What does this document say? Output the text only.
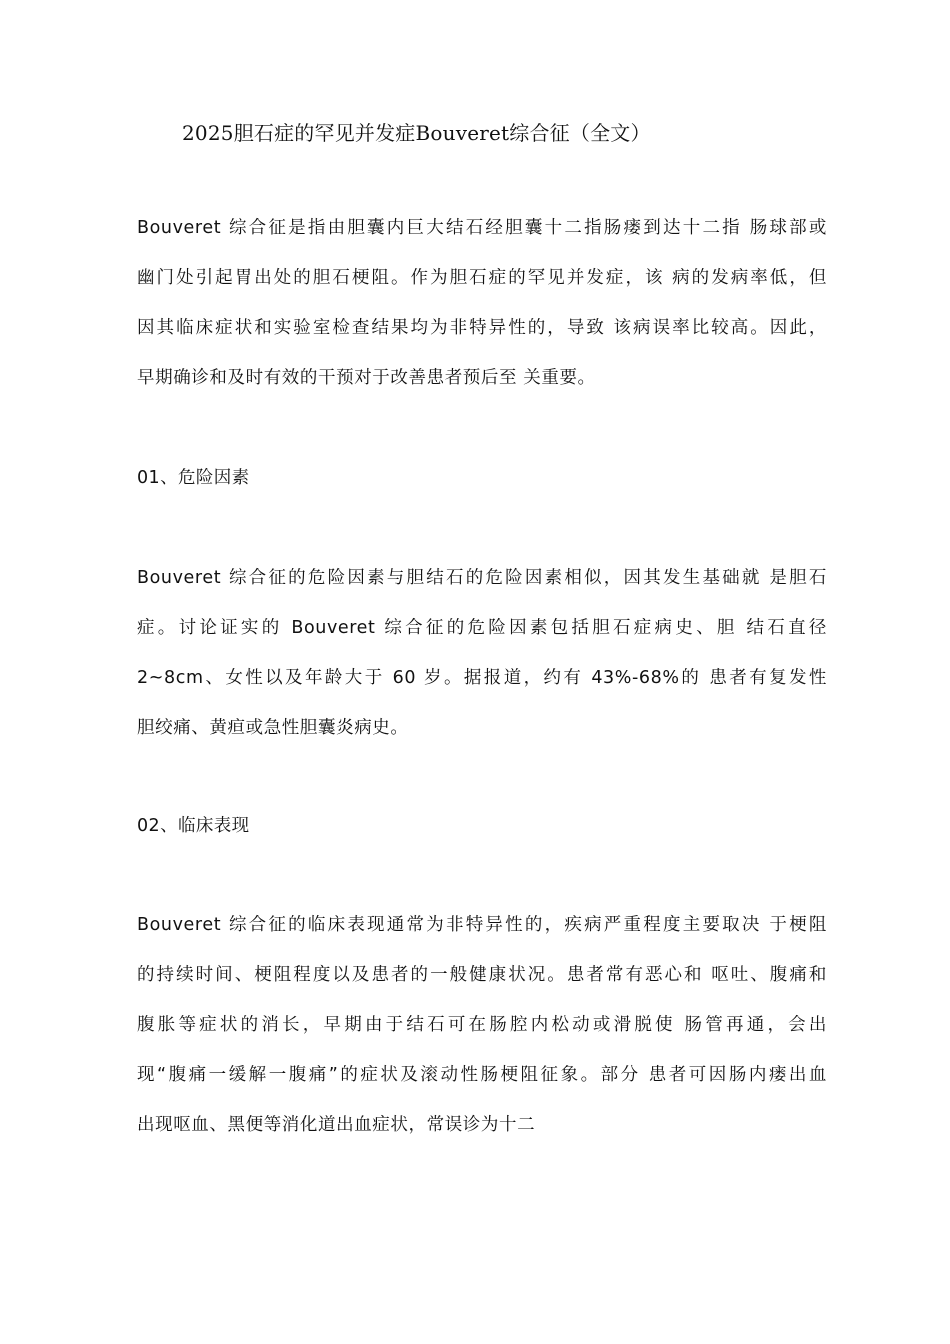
2025胆石症的罕见并发症Bouveret综合征（全文）
Bouveret 综合征是指由胆囊内巨大结石经胆囊十二指肠瘘到达十二指 肠球部或
幽门处引起胃出处的胆石梗阻。作为胆石症的罕见并发症，该 病的发病率低，但
因其临床症状和实验室检查结果均为非特异性的，导致 该病误率比较高。因此，
早期确诊和及时有效的干预对于改善患者预后至 关重要。
01、危险因素
Bouveret 综合征的危险因素与胆结石的危险因素相似，因其发生基础就 是胆石
症。讨论证实的 Bouveret 综合征的危险因素包括胆石症病史、胆 结石直径
2~8cm、女性以及年龄大于 60 岁。据报道，约有 43%-68%的 患者有复发性
胆绞痛、黄疸或急性胆囊炎病史。
02、临床表现
Bouveret 综合征的临床表现通常为非特异性的，疾病严重程度主要取决 于梗阻
的持续时间、梗阻程度以及患者的一般健康状况。患者常有恶心和 呕吐、腹痛和
腹胀等症状的消长，早期由于结石可在肠腔内松动或滑脱使 肠管再通，会出
现“腹痛一缓解一腹痛”的症状及滚动性肠梗阻征象。部分 患者可因肠内瘘出血
出现呕血、黑便等消化道出血症状，常误诊为十二
